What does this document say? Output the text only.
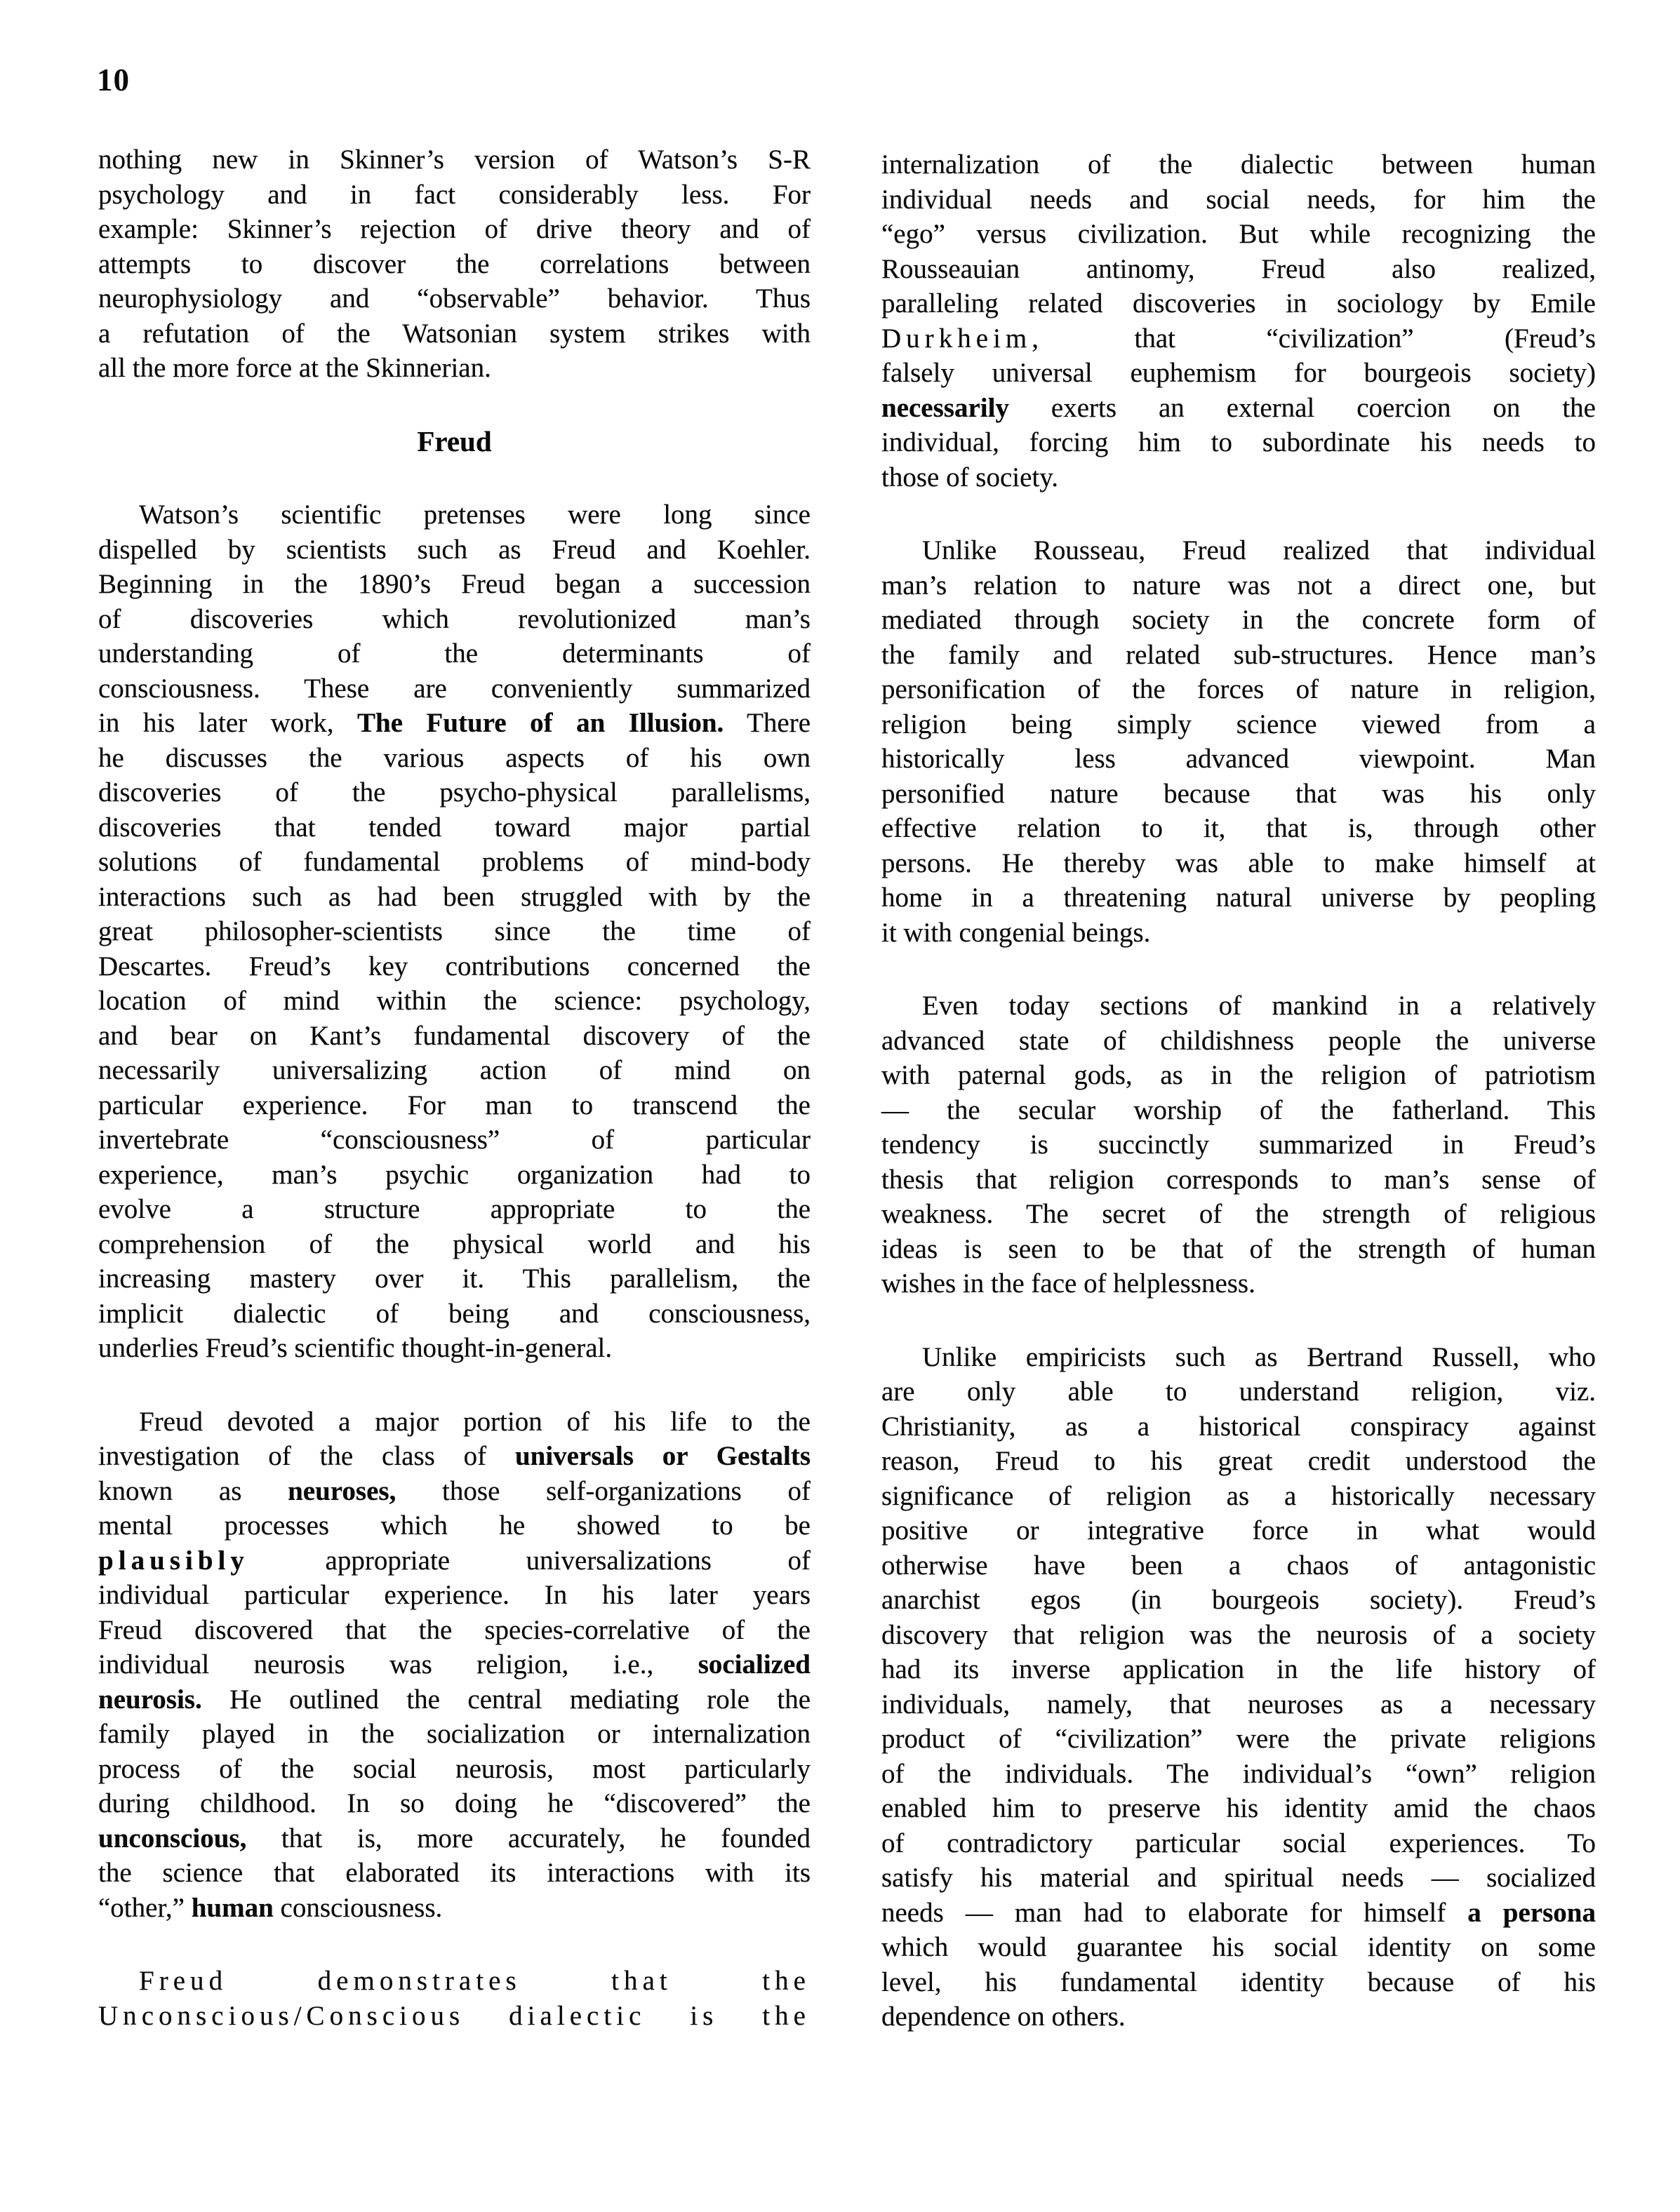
10
nothing new in Skinner’s version of Watson’s S-R
psychology and in fact considerably less. For
example: Skinner’s rejection of drive theory and of
attempts to discover the correlations between
neurophysiology and “observable” behavior. Thus
a refutation of the Watsonian system strikes with
all the more force at the Skinnerian.
Freud
Watson’s scientific pretenses were long since
dispelled by scientists such as Freud and Koehler.
Beginning in the 1890’s Freud began a succession
of discoveries which revolutionized man’s
understanding of the determinants of
consciousness. These are conveniently summarized
in his later work, The Future of an Illusion. There
he discusses the various aspects of his own
discoveries of the psycho-physical parallelisms,
discoveries that tended toward major partial
solutions of fundamental problems of mind-body
interactions such as had been struggled with by the
great philosopher-scientists since the time of
Descartes. Freud’s key contributions concerned the
location of mind within the science: psychology,
and bear on Kant’s fundamental discovery of the
necessarily universalizing action of mind on
particular experience. For man to transcend the
invertebrate “consciousness” of particular
experience, man’s psychic organization had to
evolve a structure appropriate to the
comprehension of the physical world and his
increasing mastery over it. This parallelism, the
implicit dialectic of being and consciousness,
underlies Freud’s scientific thought-in-general.
Freud devoted a major portion of his life to the
investigation of the class of universals or Gestalts
known as neuroses, those self-organizations of
mental processes which he showed to be
plausibly appropriate universalizations of
individual particular experience. In his later years
Freud discovered that the species-correlative of the
individual neurosis was religion, i.e., socialized
neurosis. He outlined the central mediating role the
family played in the socialization or internalization
process of the social neurosis, most particularly
during childhood. In so doing he “discovered” the
unconscious, that is, more accurately, he founded
the science that elaborated its interactions with its
“other,” human consciousness.
Freud demonstrates that the
Unconscious/Conscious dialectic is the
internalization of the dialectic between human
individual needs and social needs, for him the
“ego” versus civilization. But while recognizing the
Rousseauian antinomy, Freud also realized,
paralleling related discoveries in sociology by Emile
Durkheim, that “civilization” (Freud’s
falsely universal euphemism for bourgeois society)
necessarily exerts an external coercion on the
individual, forcing him to subordinate his needs to
those of society.
Unlike Rousseau, Freud realized that individual
man’s relation to nature was not a direct one, but
mediated through society in the concrete form of
the family and related sub-structures. Hence man’s
personification of the forces of nature in religion,
religion being simply science viewed from a
historically less advanced viewpoint. Man
personified nature because that was his only
effective relation to it, that is, through other
persons. He thereby was able to make himself at
home in a threatening natural universe by peopling
it with congenial beings.
Even today sections of mankind in a relatively
advanced state of childishness people the universe
with paternal gods, as in the religion of patriotism
— the secular worship of the fatherland. This
tendency is succinctly summarized in Freud’s
thesis that religion corresponds to man’s sense of
weakness. The secret of the strength of religious
ideas is seen to be that of the strength of human
wishes in the face of helplessness.
Unlike empiricists such as Bertrand Russell, who
are only able to understand religion, viz.
Christianity, as a historical conspiracy against
reason, Freud to his great credit understood the
significance of religion as a historically necessary
positive or integrative force in what would
otherwise have been a chaos of antagonistic
anarchist egos (in bourgeois society). Freud’s
discovery that religion was the neurosis of a society
had its inverse application in the life history of
individuals, namely, that neuroses as a necessary
product of “civilization” were the private religions
of the individuals. The individual’s “own” religion
enabled him to preserve his identity amid the chaos
of contradictory particular social experiences. To
satisfy his material and spiritual needs — socialized
needs — man had to elaborate for himself a persona
which would guarantee his social identity on some
level, his fundamental identity because of his
dependence on others.
